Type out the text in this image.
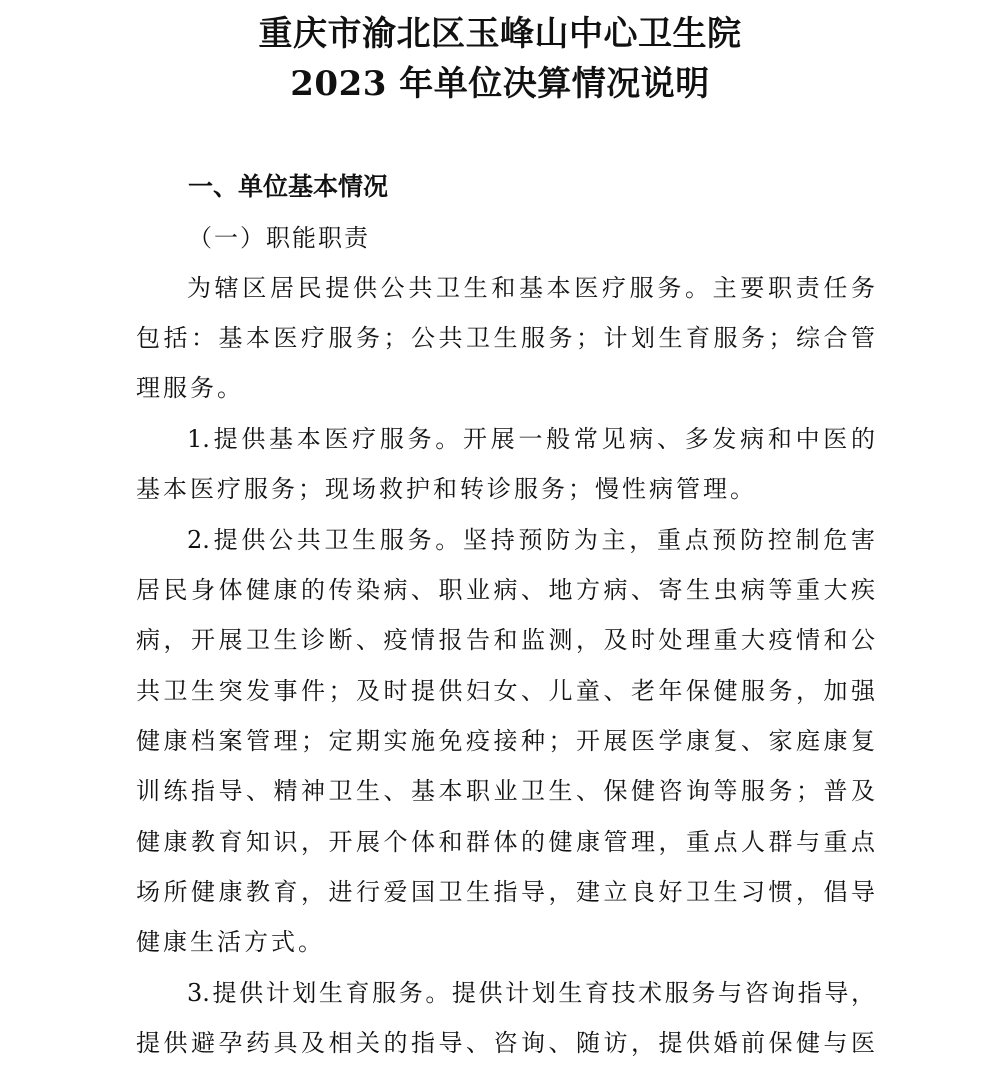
重庆市渝北区玉峰山中心卫生院
2023 年单位决算情况说明
一、单位基本情况
（一）职能职责
为辖区居民提供公共卫生和基本医疗服务。主要职责任务
包括：基本医疗服务；公共卫生服务；计划生育服务；综合管
理服务。
1.提供基本医疗服务。开展一般常见病、多发病和中医的
基本医疗服务；现场救护和转诊服务；慢性病管理。
2.提供公共卫生服务。坚持预防为主，重点预防控制危害
居民身体健康的传染病、职业病、地方病、寄生虫病等重大疾
病，开展卫生诊断、疫情报告和监测，及时处理重大疫情和公
共卫生突发事件；及时提供妇女、儿童、老年保健服务，加强
健康档案管理；定期实施免疫接种；开展医学康复、家庭康复
训练指导、精神卫生、基本职业卫生、保健咨询等服务；普及
健康教育知识，开展个体和群体的健康管理，重点人群与重点
场所健康教育，进行爱国卫生指导，建立良好卫生习惯，倡导
健康生活方式。
3.提供计划生育服务。提供计划生育技术服务与咨询指导，
提供避孕药具及相关的指导、咨询、随访，提供婚前保健与医
